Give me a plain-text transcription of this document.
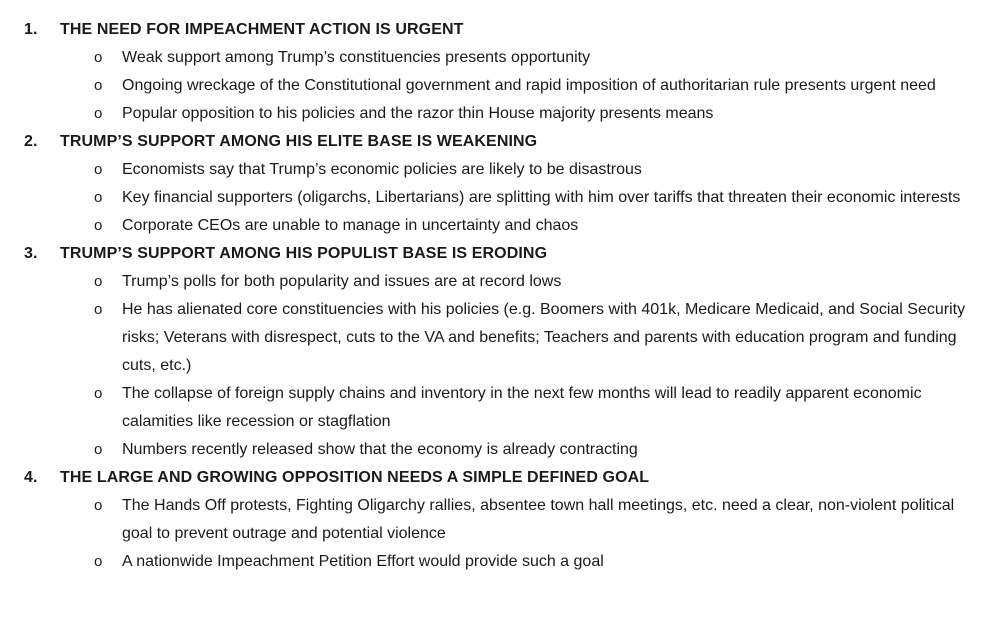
1.	THE NEED FOR IMPEACHMENT ACTION IS URGENT
o	Weak support among Trump’s constituencies presents opportunity
o	Ongoing wreckage of the Constitutional government and rapid imposition of authoritarian rule presents urgent need
o	Popular opposition to his policies and the razor thin House majority presents means
2.	TRUMP’S SUPPORT AMONG HIS ELITE BASE IS WEAKENING
o	Economists say that Trump’s economic policies are likely to be disastrous
o	Key financial supporters (oligarchs, Libertarians) are splitting with him over tariffs that threaten their economic interests
o	Corporate CEOs are unable to manage in uncertainty and chaos
3.	TRUMP’S SUPPORT AMONG HIS POPULIST BASE IS ERODING
o	Trump’s polls for both popularity and issues are at record lows
o	He has alienated core constituencies with his policies (e.g. Boomers with 401k, Medicare Medicaid, and Social Security risks; Veterans with disrespect, cuts to the VA and benefits; Teachers and parents with education program and funding cuts, etc.)
o	The collapse of foreign supply chains and inventory in the next few months will lead to readily apparent economic calamities like recession or stagflation
o	Numbers recently released show that the economy is already contracting
4.	THE LARGE AND GROWING OPPOSITION NEEDS A SIMPLE DEFINED GOAL
o	The Hands Off protests, Fighting Oligarchy rallies, absentee town hall meetings, etc. need a clear, non-violent political goal to prevent outrage and potential violence
o	A nationwide Impeachment Petition Effort would provide such a goal
